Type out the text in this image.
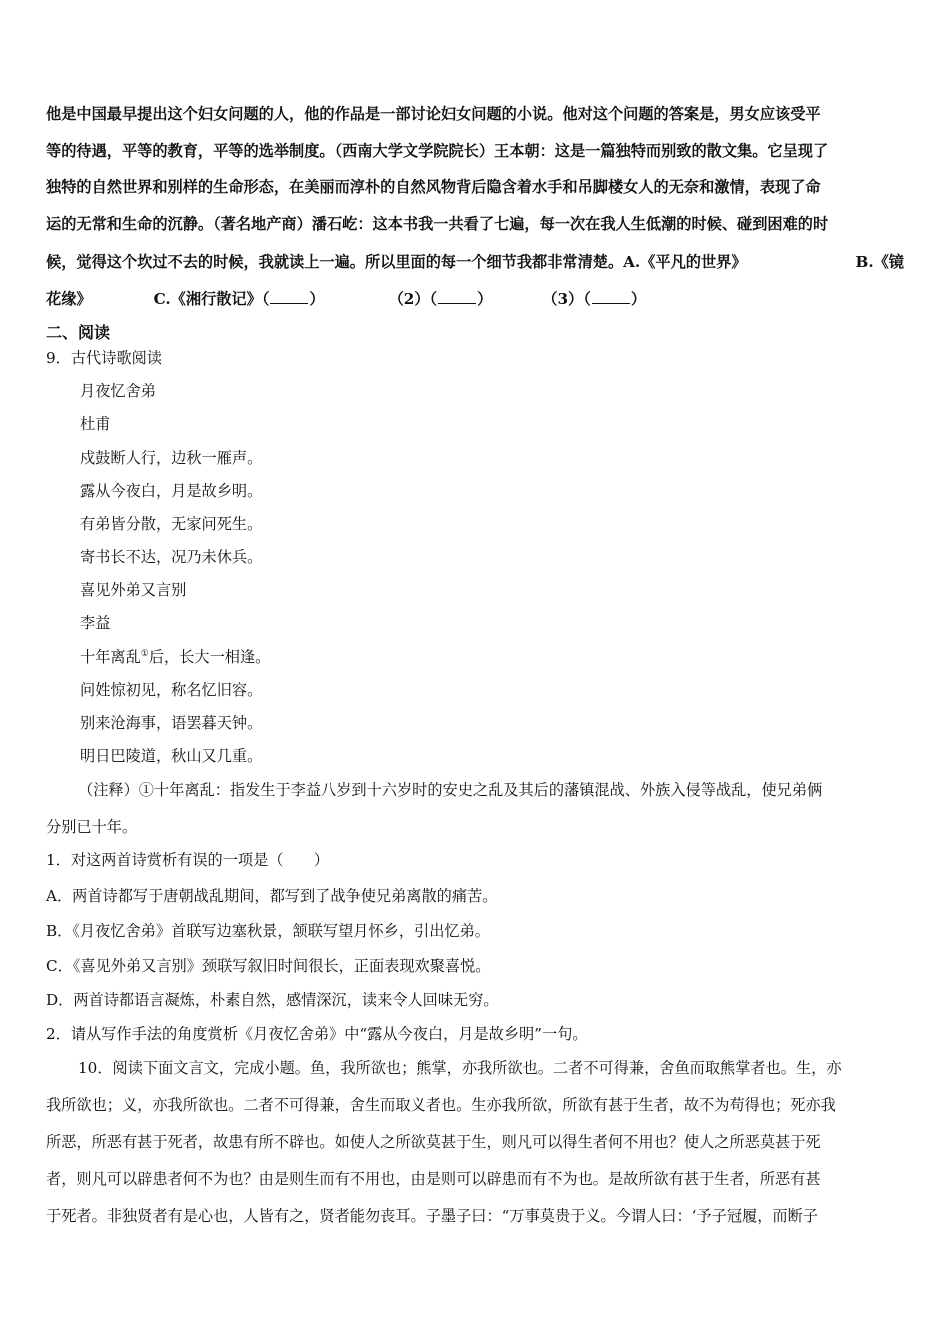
他是中国最早提出这个妇女问题的人，他的作品是一部讨论妇女问题的小说。他对这个问题的答案是，男女应该受平
等的待遇，平等的教育，平等的选举制度。（西南大学文学院院长）王本朝：这是一篇独特而别致的散文集。它呈现了
独特的自然世界和别样的生命形态，在美丽而淳朴的自然风物背后隐含着水手和吊脚楼女人的无奈和激情，表现了命
运的无常和生命的沉静。（著名地产商）潘石屹：这本书我一共看了七遍，每一次在我人生低潮的时候、碰到困难的时
候，觉得这个坎过不去的时候，我就读上一遍。所以里面的每一个细节我都非常清楚。A.《平凡的世界》	B.《镜
花缘》	C.《湘行散记》（	）	（2）（	）	（3）（	）
二、阅读
9．古代诗歌阅读
月夜忆舍弟
杜甫
戍鼓断人行，边秋一雁声。
露从今夜白，月是故乡明。
有弟皆分散，无家问死生。
寄书长不达，况乃未休兵。
喜见外弟又言别
李益
十年离乱①后，长大一相逢。
问姓惊初见，称名忆旧容。
别来沧海事，语罢暮天钟。
明日巴陵道，秋山又几重。
（注释）①十年离乱：指发生于李益八岁到十六岁时的安史之乱及其后的藩镇混战、外族入侵等战乱，使兄弟俩
分别已十年。
1．对这两首诗赏析有误的一项是（　　）
A．两首诗都写于唐朝战乱期间，都写到了战争使兄弟离散的痛苦。
B．《月夜忆舍弟》首联写边塞秋景，颔联写望月怀乡，引出忆弟。
C．《喜见外弟又言别》颈联写叙旧时间很长，正面表现欢聚喜悦。
D．两首诗都语言凝炼，朴素自然，感情深沉，读来令人回味无穷。
2．请从写作手法的角度赏析《月夜忆舍弟》中“露从今夜白，月是故乡明”一句。
10．阅读下面文言文，完成小题。鱼，我所欲也；熊掌，亦我所欲也。二者不可得兼，舍鱼而取熊掌者也。生，亦
我所欲也；义，亦我所欲也。二者不可得兼，舍生而取义者也。生亦我所欲，所欲有甚于生者，故不为苟得也；死亦我
所恶，所恶有甚于死者，故患有所不辟也。如使人之所欲莫甚于生，则凡可以得生者何不用也？使人之所恶莫甚于死
者，则凡可以辟患者何不为也？由是则生而有不用也，由是则可以辟患而有不为也。是故所欲有甚于生者，所恶有甚
于死者。非独贤者有是心也，人皆有之，贤者能勿丧耳。子墨子曰：“万事莫贵于义。今谓人曰：‘予子冠履，而断子
